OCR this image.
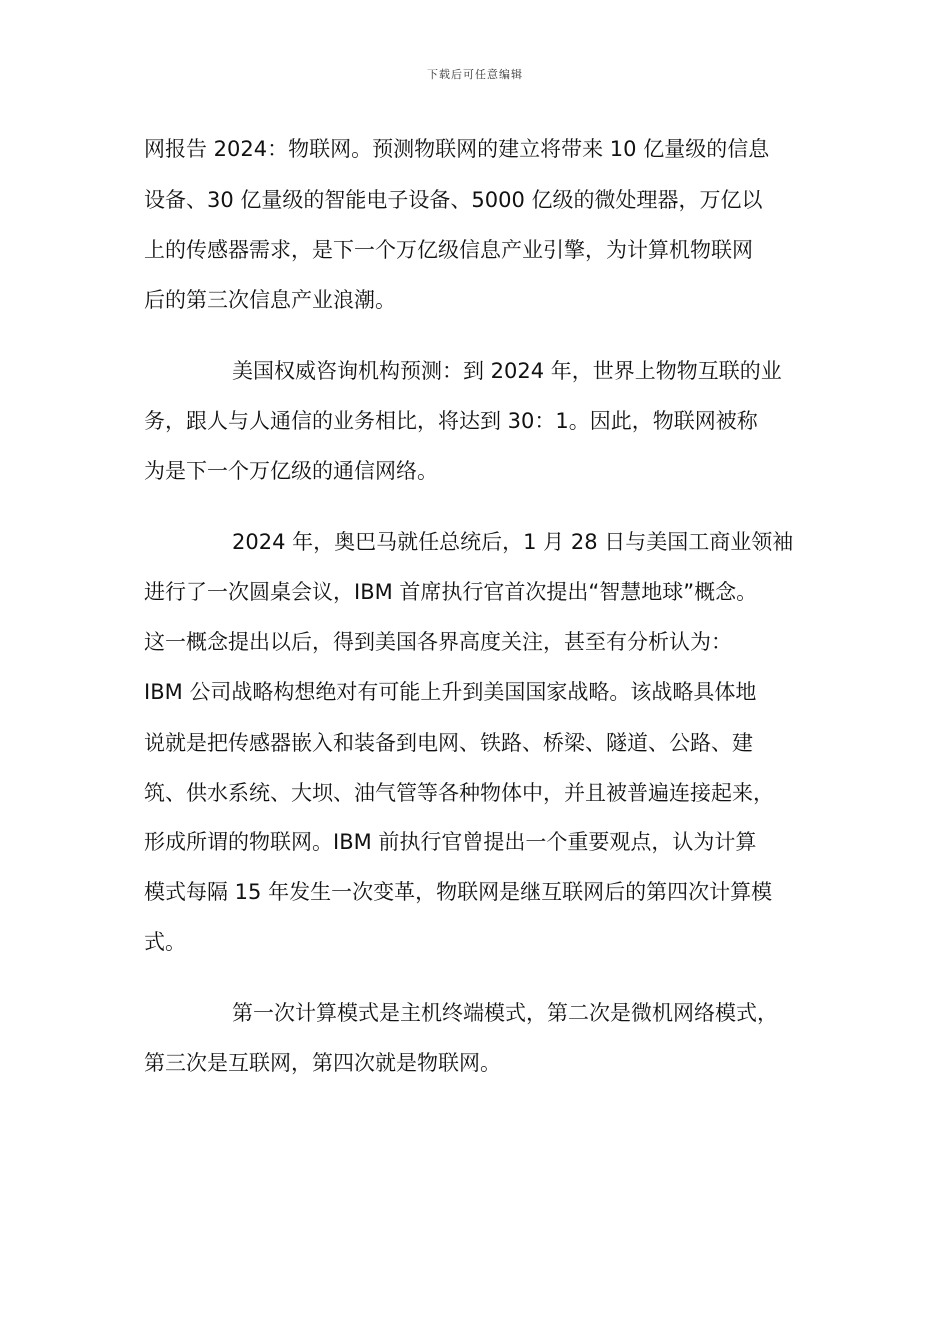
下载后可任意编辑
网报告 2024：物联网。预测物联网的建立将带来 10 亿量级的信息
设备、30 亿量级的智能电子设备、5000 亿级的微处理器，万亿以
上的传感器需求，是下一个万亿级信息产业引擎，为计算机物联网
后的第三次信息产业浪潮。
美国权威咨询机构预测：到 2024 年，世界上物物互联的业
务，跟人与人通信的业务相比，将达到 30：1。因此，物联网被称
为是下一个万亿级的通信网络。
2024 年，奥巴马就任总统后，1 月 28 日与美国工商业领袖
进行了一次圆桌会议，IBM 首席执行官首次提出“智慧地球”概念。
这一概念提出以后，得到美国各界高度关注，甚至有分析认为：
IBM 公司战略构想绝对有可能上升到美国国家战略。该战略具体地
说就是把传感器嵌入和装备到电网、铁路、桥梁、隧道、公路、建
筑、供水系统、大坝、油气管等各种物体中，并且被普遍连接起来，
形成所谓的物联网。IBM 前执行官曾提出一个重要观点，认为计算
模式每隔 15 年发生一次变革，物联网是继互联网后的第四次计算模
式。
第一次计算模式是主机终端模式，第二次是微机网络模式，
第三次是互联网，第四次就是物联网。
